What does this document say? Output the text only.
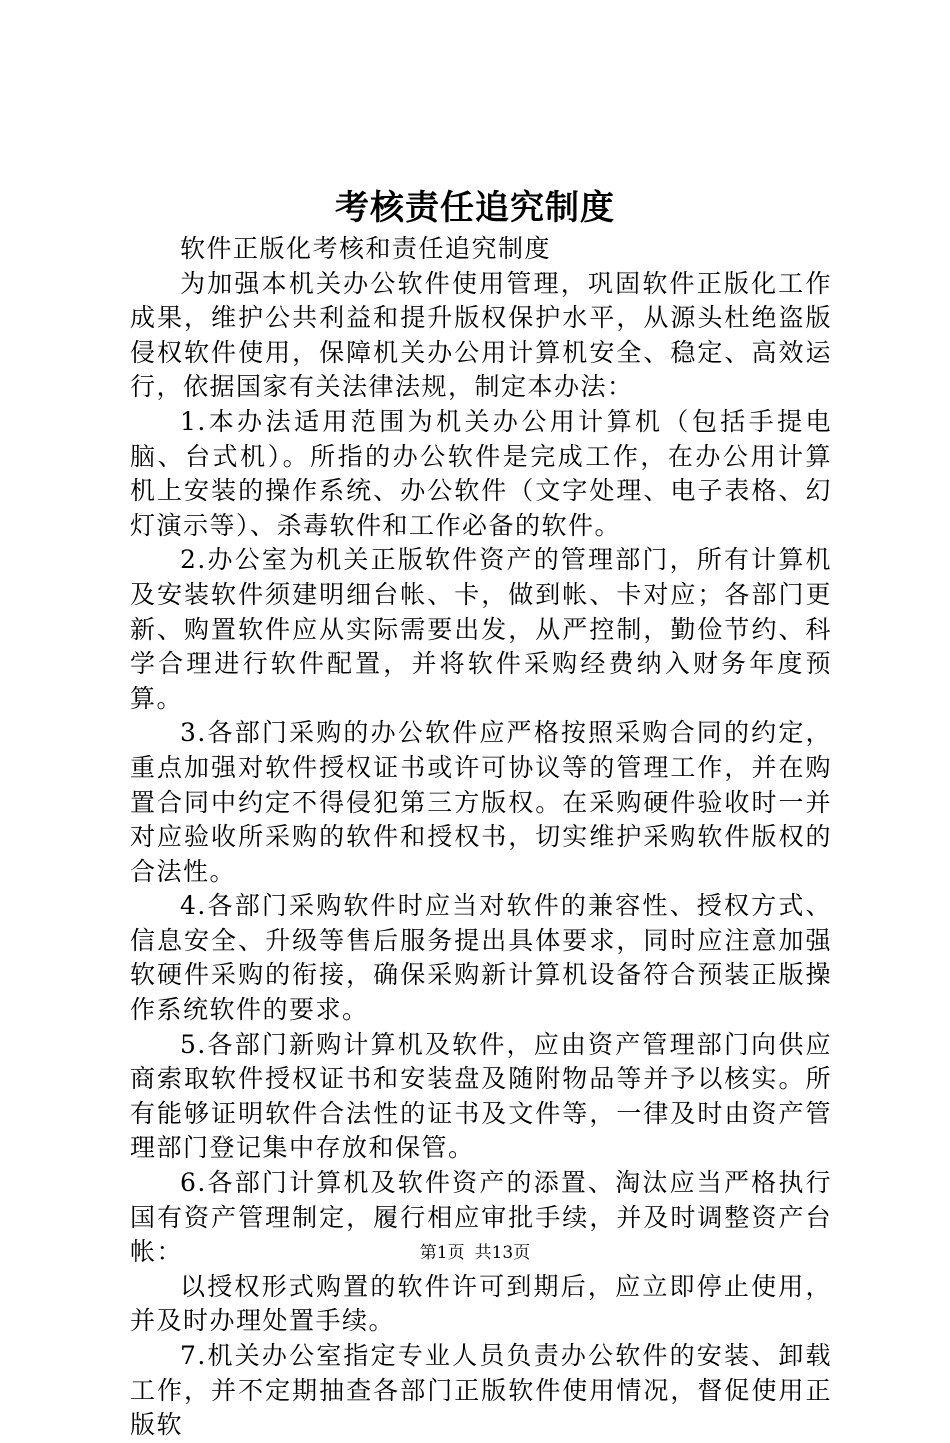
考核责任追究制度

软件正版化考核和责任追究制度

为加强本机关办公软件使用管理，巩固软件正版化工作成果，维护公共利益和提升版权保护水平，从源头杜绝盗版侵权软件使用，保障机关办公用计算机安全、稳定、高效运行，依据国家有关法律法规，制定本办法：

1.本办法适用范围为机关办公用计算机（包括手提电脑、台式机）。所指的办公软件是完成工作，在办公用计算机上安装的操作系统、办公软件（文字处理、电子表格、幻灯演示等）、杀毒软件和工作必备的软件。

2.办公室为机关正版软件资产的管理部门，所有计算机及安装软件须建明细台帐、卡，做到帐、卡对应；各部门更新、购置软件应从实际需要出发，从严控制，勤俭节约、科学合理进行软件配置，并将软件采购经费纳入财务年度预算。

3.各部门采购的办公软件应严格按照采购合同的约定，重点加强对软件授权证书或许可协议等的管理工作，并在购置合同中约定不得侵犯第三方版权。在采购硬件验收时一并对应验收所采购的软件和授权书，切实维护采购软件版权的合法性。

4.各部门采购软件时应当对软件的兼容性、授权方式、信息安全、升级等售后服务提出具体要求，同时应注意加强软硬件采购的衔接，确保采购新计算机设备符合预装正版操作系统软件的要求。

5.各部门新购计算机及软件，应由资产管理部门向供应商索取软件授权证书和安装盘及随附物品等并予以核实。所有能够证明软件合法性的证书及文件等，一律及时由资产管理部门登记集中存放和保管。

6.各部门计算机及软件资产的添置、淘汰应当严格执行国有资产管理制定，履行相应审批手续，并及时调整资产台帐：

以授权形式购置的软件许可到期后，应立即停止使用，并及时办理处置手续。

7.机关办公室指定专业人员负责办公软件的安装、卸载工作，并不定期抽查各部门正版软件使用情况，督促使用正版软

第1页 共13页
